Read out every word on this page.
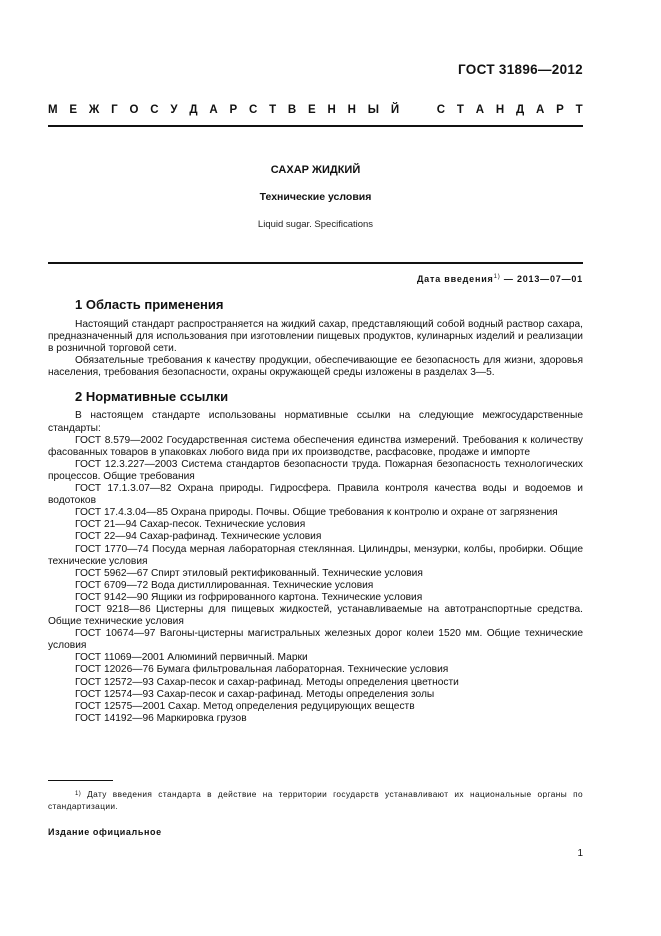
ГОСТ 31896—2012
М Е Ж Г О С У Д А Р С Т В Е Н Н Ы Й	С Т А Н Д А Р Т
САХАР ЖИДКИЙ
Технические условия
Liquid sugar. Specifications
Дата введения$^{1)}$ — 2013—07—01
1 Область применения

Настоящий стандарт распространяется на жидкий сахар, представляющий собой водный раствор сахара, предназначенный для использования при изготовлении пищевых продуктов, кулинарных изделий и реализации в розничной торговой сети.

Обязательные требования к качеству продукции, обеспечивающие ее безопасность для жизни, здоровья населения, требования безопасности, охраны окружающей среды изложены в разделах 3—5.

2 Нормативные ссылки

В настоящем стандарте использованы нормативные ссылки на следующие межгосударственные стандарты:

ГОСТ 8.579—2002 Государственная система обеспечения единства измерений. Требования к количеству фасованных товаров в упаковках любого вида при их производстве, расфасовке, продаже и импорте

ГОСТ 12.3.227—2003 Система стандартов безопасности труда. Пожарная безопасность технологических процессов. Общие требования

ГОСТ 17.1.3.07—82 Охрана природы. Гидросфера. Правила контроля качества воды и водоемов и водотоков

ГОСТ 17.4.3.04—85 Охрана природы. Почвы. Общие требования к контролю и охране от загрязнения

ГОСТ 21—94 Сахар-песок. Технические условия

ГОСТ 22—94 Сахар-рафинад. Технические условия

ГОСТ 1770—74 Посуда мерная лабораторная стеклянная. Цилиндры, мензурки, колбы, пробирки. Общие технические условия

ГОСТ 5962—67 Спирт этиловый ректификованный. Технические условия

ГОСТ 6709—72 Вода дистиллированная. Технические условия

ГОСТ 9142—90 Ящики из гофрированного картона. Технические условия

ГОСТ 9218—86 Цистерны для пищевых жидкостей, устанавливаемые на автотранспортные средства. Общие технические условия

ГОСТ 10674—97 Вагоны-цистерны магистральных железных дорог колеи 1520 мм. Общие технические условия

ГОСТ 11069—2001 Алюминий первичный. Марки

ГОСТ 12026—76 Бумага фильтровальная лабораторная. Технические условия

ГОСТ 12572—93 Сахар-песок и сахар-рафинад. Методы определения цветности

ГОСТ 12574—93 Сахар-песок и сахар-рафинад. Методы определения золы

ГОСТ 12575—2001 Сахар. Метод определения редуцирующих веществ

ГОСТ 14192—96 Маркировка грузов

$^{1)}$ Дату введения стандарта в действие на территории государств устанавливают их национальные органы по стандартизации.

Издание официальное
1
